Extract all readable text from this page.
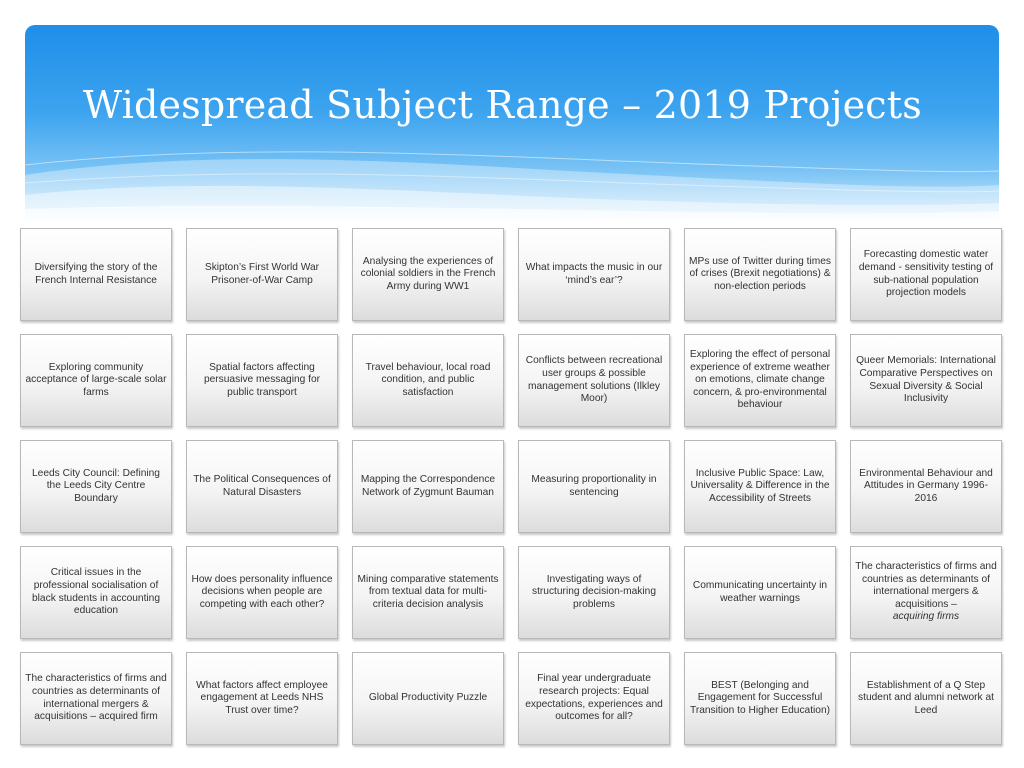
Widespread Subject Range – 2019 Projects
Diversifying the story of the French Internal Resistance
Skipton’s First World War Prisoner-of-War Camp
Analysing the experiences of colonial soldiers in the French Army during WW1
What impacts the music in our ‘mind’s ear’?
MPs use of Twitter during times of crises (Brexit negotiations) & non-election periods
Forecasting domestic water demand - sensitivity testing of sub-national population projection models
Exploring community acceptance of large-scale solar farms
Spatial factors affecting persuasive messaging for public transport
Travel behaviour, local road condition, and public satisfaction
Conflicts between recreational user groups & possible management solutions (Ilkley Moor)
Exploring the effect of personal experience of extreme weather on emotions, climate change concern, & pro-environmental behaviour
Queer Memorials: International Comparative Perspectives on Sexual Diversity & Social Inclusivity
Leeds City Council: Defining the Leeds City Centre Boundary
The Political Consequences of Natural Disasters
Mapping the Correspondence Network of Zygmunt Bauman
Measuring proportionality in sentencing
Inclusive Public Space: Law, Universality & Difference in the Accessibility of Streets
Environmental Behaviour and Attitudes in Germany 1996-2016
Critical issues in the professional socialisation of black students in accounting education
How does personality influence decisions when people are competing with each other?
Mining comparative statements from textual data for multi-criteria decision analysis
Investigating ways of structuring decision-making problems
Communicating uncertainty in weather warnings
The characteristics of firms and countries as determinants of international mergers & acquisitions –
acquiring firms
The characteristics of firms and countries as determinants of international mergers & acquisitions – acquired firm
What factors affect employee engagement at Leeds NHS Trust over time?
Global Productivity Puzzle
Final year undergraduate research projects: Equal expectations, experiences and outcomes for all?
BEST (Belonging and Engagement for Successful Transition to Higher Education)
Establishment of a Q Step student and alumni network at Leed
